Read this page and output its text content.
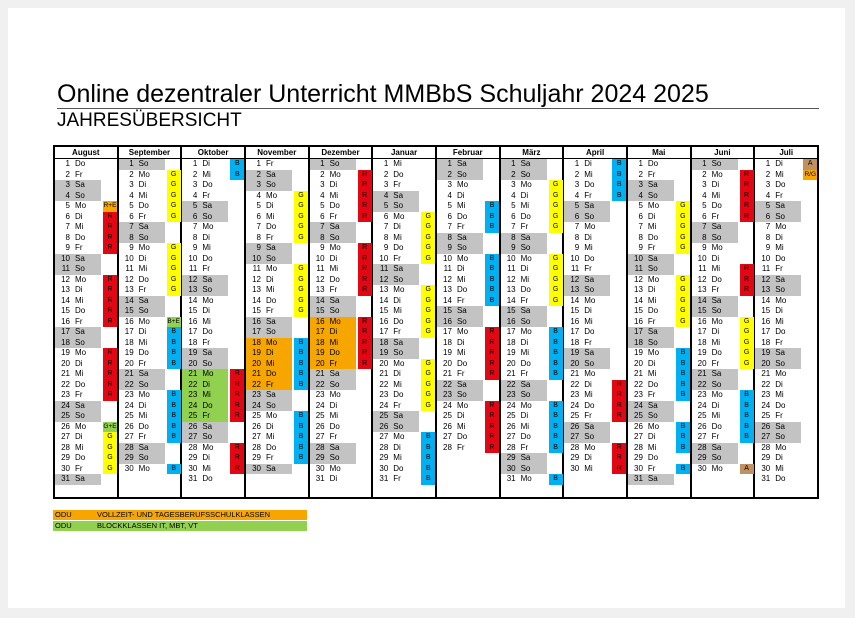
Online dezentraler Unterricht MMBbS Schuljahr 2024 2025
JAHRESÜBERSICHT
August
1 Do
2 Fr
3 Sa
4 So
5 Mo	R+E
6 Di	R
7 Mi	R
8 Do	R
9 Fr	R
10 Sa
11 So
12 Mo	R
13 Di	R
14 Mi	R
15 Do	R
16 Fr	R
17 Sa
18 So
19 Mo	R
20 Di	R
21 Mi	R
22 Do	R
23 Fr	R
24 Sa
25 So
26 Mo	G+E
27 Di	G
28 Mi	G
29 Do	G
30 Fr	G
31 Sa
September
1 So
2 Mo	G
3 Di	G
4 Mi	G
5 Do	G
6 Fr	G
7 Sa
8 So
9 Mo	G
10 Di	G
11 Mi	G
12 Do	G
13 Fr	G
14 Sa
15 So
16 Mo	B+E
17 Di	B
18 Mi	B
19 Do	B
20 Fr	B
21 Sa
22 So
23 Mo	B
24 Di	B
25 Mi	B
26 Do	B
27 Fr	B
28 Sa
29 So
30 Mo	B
Oktober
1 Di	B
2 Mi	B
3 Do
4 Fr
5 Sa
6 So
7 Mo
8 Di
9 Mi
10 Do
11 Fr
12 Sa
13 So
14 Mo
15 Di
16 Mi
17 Do
18 Fr
19 Sa
20 So
21 Mo	R
22 Di	R
23 Mi	R
24 Do	R
25 Fr	R
26 Sa
27 So
28 Mo	R
29 Di	R
30 Mi	R
31 Do
November
1 Fr
2 Sa
3 So
4 Mo	G
5 Di	G
6 Mi	G
7 Do	G
8 Fr	G
9 Sa
10 So
11 Mo	G
12 Di	G
13 Mi	G
14 Do	G
15 Fr	G
16 Sa
17 So
18 Mo	B
19 Di	B
20 Mi	B
21 Do	B
22 Fr	B
23 Sa
24 So
25 Mo	B
26 Di	B
27 Mi	B
28 Do	B
29 Fr	B
30 Sa
Dezember
1 So
2 Mo	R
3 Di	R
4 Mi	R
5 Do	R
6 Fr	R
7 Sa
8 So
9 Mo	R
10 Di	R
11 Mi	R
12 Do	R
13 Fr	R
14 Sa
15 So
16 Mo	R
17 Di	R
18 Mi	R
19 Do	R
20 Fr	R
21 Sa
22 So
23 Mo
24 Di
25 Mi
26 Do
27 Fr
28 Sa
29 So
30 Mo
31 Di
Januar
1 Mi
2 Do
3 Fr
4 Sa
5 So
6 Mo	G
7 Di	G
8 Mi	G
9 Do	G
10 Fr	G
11 Sa
12 So
13 Mo	G
14 Di	G
15 Mi	G
16 Do	G
17 Fr	G
18 Sa
19 So
20 Mo	G
21 Di	G
22 Mi	G
23 Do	G
24 Fr	G
25 Sa
26 So
27 Mo	B
28 Di	B
29 Mi	B
30 Do	B
31 Fr	B
Februar
1 Sa
2 So
3 Mo
4 Di
5 Mi	B
6 Do	B
7 Fr	B
8 Sa
9 So
10 Mo	B
11 Di	B
12 Mi	B
13 Do	B
14 Fr	B
15 Sa
16 So
17 Mo	R
18 Di	R
19 Mi	R
20 Do	R
21 Fr	R
22 Sa
23 So
24 Mo	R
25 Di	R
26 Mi	R
27 Do	R
28 Fr	R
März
1 Sa
2 So
3 Mo	G
4 Di	G
5 Mi	G
6 Do	G
7 Fr	G
8 Sa
9 So
10 Mo	G
11 Di	G
12 Mi	G
13 Do	G
14 Fr	G
15 Sa
16 So
17 Mo	B
18 Di	B
19 Mi	B
20 Do	B
21 Fr	B
22 Sa
23 So
24 Mo	B
25 Di	B
26 Mi	B
27 Do	B
28 Fr	B
29 Sa
30 So
31 Mo	B
April
1 Di	B
2 Mi	B
3 Do	B
4 Fr	B
5 Sa
6 So
7 Mo
8 Di
9 Mi
10 Do
11 Fr
12 Sa
13 So
14 Mo
15 Di
16 Mi
17 Do
18 Fr
19 Sa
20 So
21 Mo
22 Di	R
23 Mi	R
24 Do	R
25 Fr	R
26 Sa
27 So
28 Mo	R
29 Di	R
30 Mi	R
Mai
1 Do
2 Fr
3 Sa
4 So
5 Mo	G
6 Di	G
7 Mi	G
8 Do	G
9 Fr	G
10 Sa
11 So
12 Mo	G
13 Di	G
14 Mi	G
15 Do	G
16 Fr	G
17 Sa
18 So
19 Mo	B
20 Di	B
21 Mi	B
22 Do	B
23 Fr	B
24 Sa
25 So
26 Mo	B
27 Di	B
28 Mi	B
29 Do
30 Fr	B
31 Sa
Juni
1 So
2 Mo	R
3 Di	R
4 Mi	R
5 Do	R
6 Fr	R
7 Sa
8 So
9 Mo
10 Di
11 Mi	R
12 Do	R
13 Fr	R
14 Sa
15 So
16 Mo	G
17 Di	G
18 Mi	G
19 Do	G
20 Fr	G
21 Sa
22 So
23 Mo	B
24 Di	B
25 Mi	B
26 Do	B
27 Fr	B
28 Sa
29 So
30 Mo	A
Juli
1 Di	A
2 Mi	R/G
3 Do
4 Fr
5 Sa
6 So
7 Mo
8 Di
9 Mi
10 Do
11 Fr
12 Sa
13 So
14 Mo
15 Di
16 Mi
17 Do
18 Fr
19 Sa
20 So
21 Mo
22 Di
23 Mi
24 Do
25 Fr
26 Sa
27 So
28 Mo
29 Di
30 Mi
31 Do
ODU	VOLLZEIT- UND TAGESBERUFSSCHULKLASSEN
ODU	BLOCKKLASSEN IT, MBT, VT
